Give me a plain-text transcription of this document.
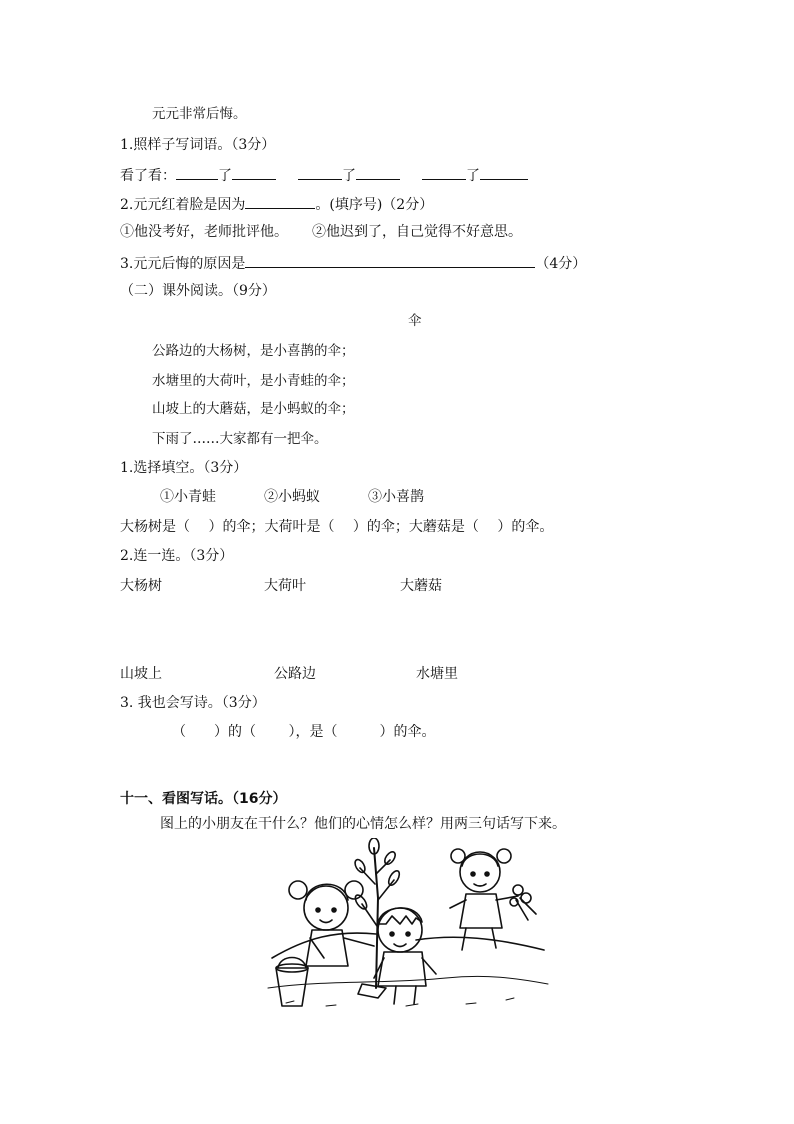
元元非常后悔。
1.照样子写词语。（3分）
看了看：	了	了	了
2.元元红着脸是因为	。(填序号)（2分）
①他没考好，老师批评他。 ②他迟到了，自己觉得不好意思。
3.元元后悔的原因是	（4分）
（二）课外阅读。（9分）
伞
公路边的大杨树，是小喜鹊的伞；
水塘里的大荷叶，是小青蛙的伞；
山坡上的大蘑菇，是小蚂蚁的伞；
下雨了……大家都有一把伞。
1.选择填空。（3分）
①小青蛙	②小蚂蚁	③小喜鹊
大杨树是（　 ）的伞；大荷叶是（　 ）的伞；大蘑菇是（　 ）的伞。
2.连一连。（3分）
大杨树	大荷叶	大蘑菇
山坡上	公路边	水塘里
3. 我也会写诗。（3分）
（　　）的（　　 ），是（　　　）的伞。
十一、看图写话。（16分）
图上的小朋友在干什么？他们的心情怎么样？用两三句话写下来。
